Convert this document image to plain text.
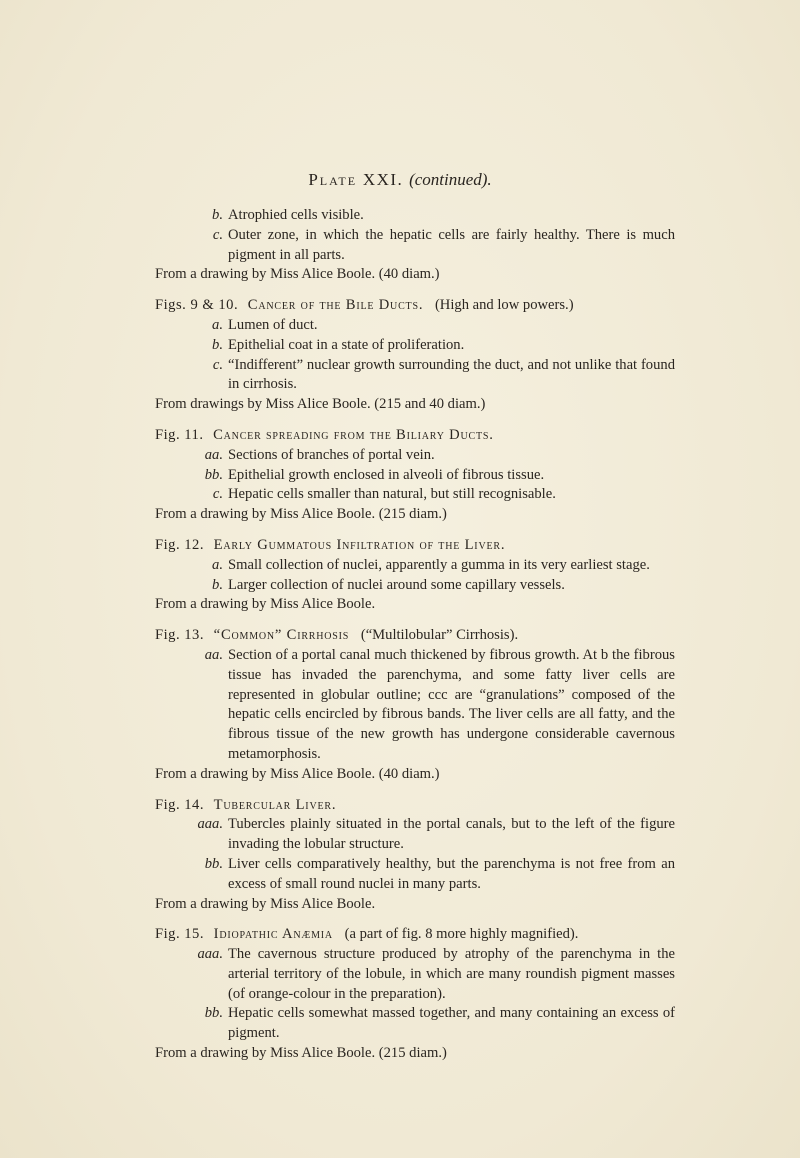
Plate XXI. (continued).
b. Atrophied cells visible.
c. Outer zone, in which the hepatic cells are fairly healthy. There is much pigment in all parts.

From a drawing by Miss Alice Boole. (40 diam.)

Figs. 9 & 10. Cancer of the Bile Ducts. (High and low powers.)
a. Lumen of duct.
b. Epithelial coat in a state of proliferation.
c. “Indifferent” nuclear growth surrounding the duct, and not unlike that found in cirrhosis.

From drawings by Miss Alice Boole. (215 and 40 diam.)

Fig. 11. Cancer spreading from the Biliary Ducts.
aa. Sections of branches of portal vein.
bb. Epithelial growth enclosed in alveoli of fibrous tissue.
c. Hepatic cells smaller than natural, but still recognisable.

From a drawing by Miss Alice Boole. (215 diam.)

Fig. 12. Early Gummatous Infiltration of the Liver.
a. Small collection of nuclei, apparently a gumma in its very earliest stage.
b. Larger collection of nuclei around some capillary vessels.

From a drawing by Miss Alice Boole.

Fig. 13. “Common” Cirrhosis (“Multilobular” Cirrhosis).
aa. Section of a portal canal much thickened by fibrous growth. At b the fibrous tissue has invaded the parenchyma, and some fatty liver cells are represented in globular outline; ccc are “granulations” composed of the hepatic cells encircled by fibrous bands. The liver cells are all fatty, and the fibrous tissue of the new growth has undergone considerable cavernous metamorphosis.

From a drawing by Miss Alice Boole. (40 diam.)

Fig. 14. Tubercular Liver.
aaa. Tubercles plainly situated in the portal canals, but to the left of the figure invading the lobular structure.
bb. Liver cells comparatively healthy, but the parenchyma is not free from an excess of small round nuclei in many parts.

From a drawing by Miss Alice Boole.

Fig. 15. Idiopathic Anæmia (a part of fig. 8 more highly magnified).
aaa. The cavernous structure produced by atrophy of the parenchyma in the arterial territory of the lobule, in which are many roundish pigment masses (of orange-colour in the preparation).
bb. Hepatic cells somewhat massed together, and many containing an excess of pigment.

From a drawing by Miss Alice Boole. (215 diam.)
